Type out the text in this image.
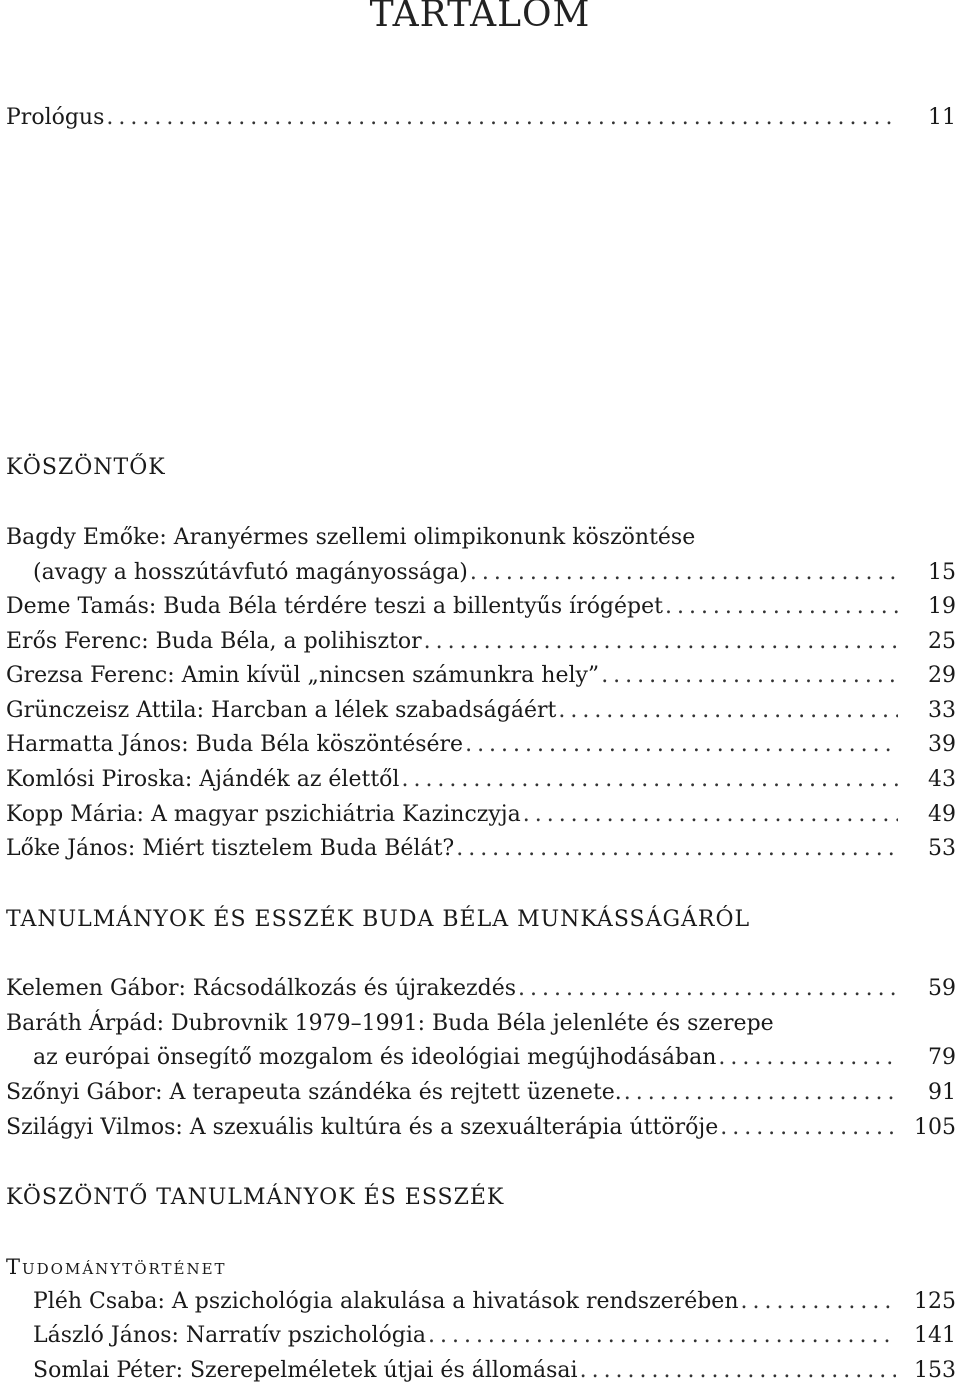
TARTALOM
Prológus . . .	11
KÖSZÖNTŐK
Bagdy Emőke: Aranyérmes szellemi olimpikonunk köszöntése
(avagy a hosszútávfutó magányossága) . . .	15
Deme Tamás: Buda Béla térdére teszi a billentyűs írógépet . . .	19
Erős Ferenc: Buda Béla, a polihisztor . . .	25
Grezsa Ferenc: Amin kívül „nincsen számunkra hely” . . .	29
Grünczeisz Attila: Harcban a lélek szabadságáért . . .	33
Harmatta János: Buda Béla köszöntésére . . .	39
Komlósi Piroska: Ajándék az élettől . . .	43
Kopp Mária: A magyar pszichiátria Kazinczyja . . .	49
Lőke János: Miért tisztelem Buda Bélát? . . .	53
TANULMÁNYOK ÉS ESSZÉK BUDA BÉLA MUNKÁSSÁGÁRÓL
Kelemen Gábor: Rácsodálkozás és újrakezdés . . .	59
Baráth Árpád: Dubrovnik 1979–1991: Buda Béla jelenléte és szerepe
az európai önsegítő mozgalom és ideológiai megújhodásában . . .	79
Szőnyi Gábor: A terapeuta szándéka és rejtett üzenete. . . .	91
Szilágyi Vilmos: A szexuális kultúra és a szexuálterápia úttörője . . .	105
KÖSZÖNTŐ TANULMÁNYOK ÉS ESSZÉK
Tudománytörténet
Pléh Csaba: A pszichológia alakulása a hivatások rendszerében . . .	125
László János: Narratív pszichológia . . .	141
Somlai Péter: Szerepelméletek útjai és állomásai . . .	153
